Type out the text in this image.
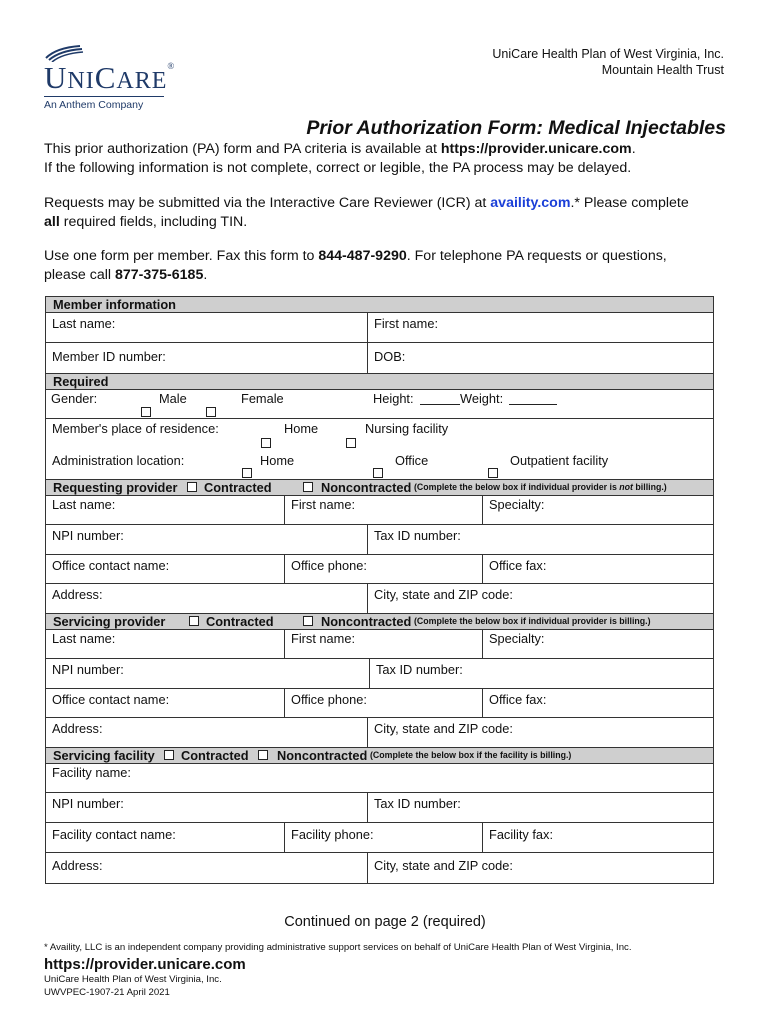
UNICARE®
An Anthem Company
UniCare Health Plan of West Virginia, Inc.
Mountain Health Trust
Prior Authorization Form: Medical Injectables
This prior authorization (PA) form and PA criteria is available at https://provider.unicare.com.
If the following information is not complete, correct or legible, the PA process may be delayed.
Requests may be submitted via the Interactive Care Reviewer (ICR) at availity.com.* Please complete
all required fields, including TIN.
Use one form per member. Fax this form to 844-487-9290. For telephone PA requests or questions,
please call 877-375-6185.
Member information
Last name:	First name:
Member ID number:	DOB:
Required
Gender:	Male	Female	Height:	Weight:
Member's place of residence:	Home	Nursing facility
Administration location:	Home	Office	Outpatient facility
Requesting provider Contracted	Noncontracted (Complete the below box if individual provider is not billing.)
Last name:	First name:	Specialty:
NPI number:	Tax ID number:
Office contact name:	Office phone:	Office fax:
Address:	City, state and ZIP code:
Servicing provider	Contracted	Noncontracted (Complete the below box if individual provider is billing.)
Last name:	First name:	Specialty:
NPI number:	Tax ID number:
Office contact name:	Office phone:	Office fax:
Address:	City, state and ZIP code:
Servicing facility Contracted Noncontracted (Complete the below box if the facility is billing.)
Facility name:
NPI number:	Tax ID number:
Facility contact name:	Facility phone:	Facility fax:
Address:	City, state and ZIP code:
Continued on page 2 (required)
* Availity, LLC is an independent company providing administrative support services on behalf of UniCare Health Plan of West Virginia, Inc.
https://provider.unicare.com
UniCare Health Plan of West Virginia, Inc.
UWVPEC-1907-21 April 2021
